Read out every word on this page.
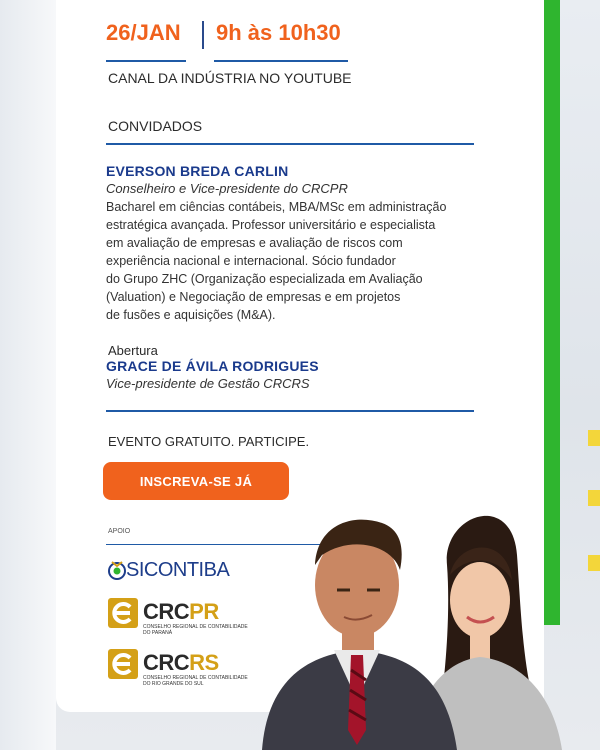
26/JAN 9h às 10h30
CANAL DA INDÚSTRIA NO YOUTUBE
CONVIDADOS
EVERSON BREDA CARLIN
Conselheiro e Vice-presidente do CRCPR
Bacharel em ciências contábeis, MBA/MSc em administração
estratégica avançada. Professor universitário e especialista
em avaliação de empresas e avaliação de riscos com
experiência nacional e internacional. Sócio fundador
do Grupo ZHC (Organização especializada em Avaliação
(Valuation) e Negociação de empresas e em projetos
de fusões e aquisições (M&A).
Abertura
GRACE DE ÁVILA RODRIGUES
Vice-presidente de Gestão CRCRS
EVENTO GRATUITO. PARTICIPE.
INSCREVA-SE JÁ
APOIO
SICONTIBA
CRCPR
CONSELHO REGIONAL DE CONTABILIDADE
DO PARANÁ
CRCRS
CONSELHO REGIONAL DE CONTABILIDADE
DO RIO GRANDE DO SUL
